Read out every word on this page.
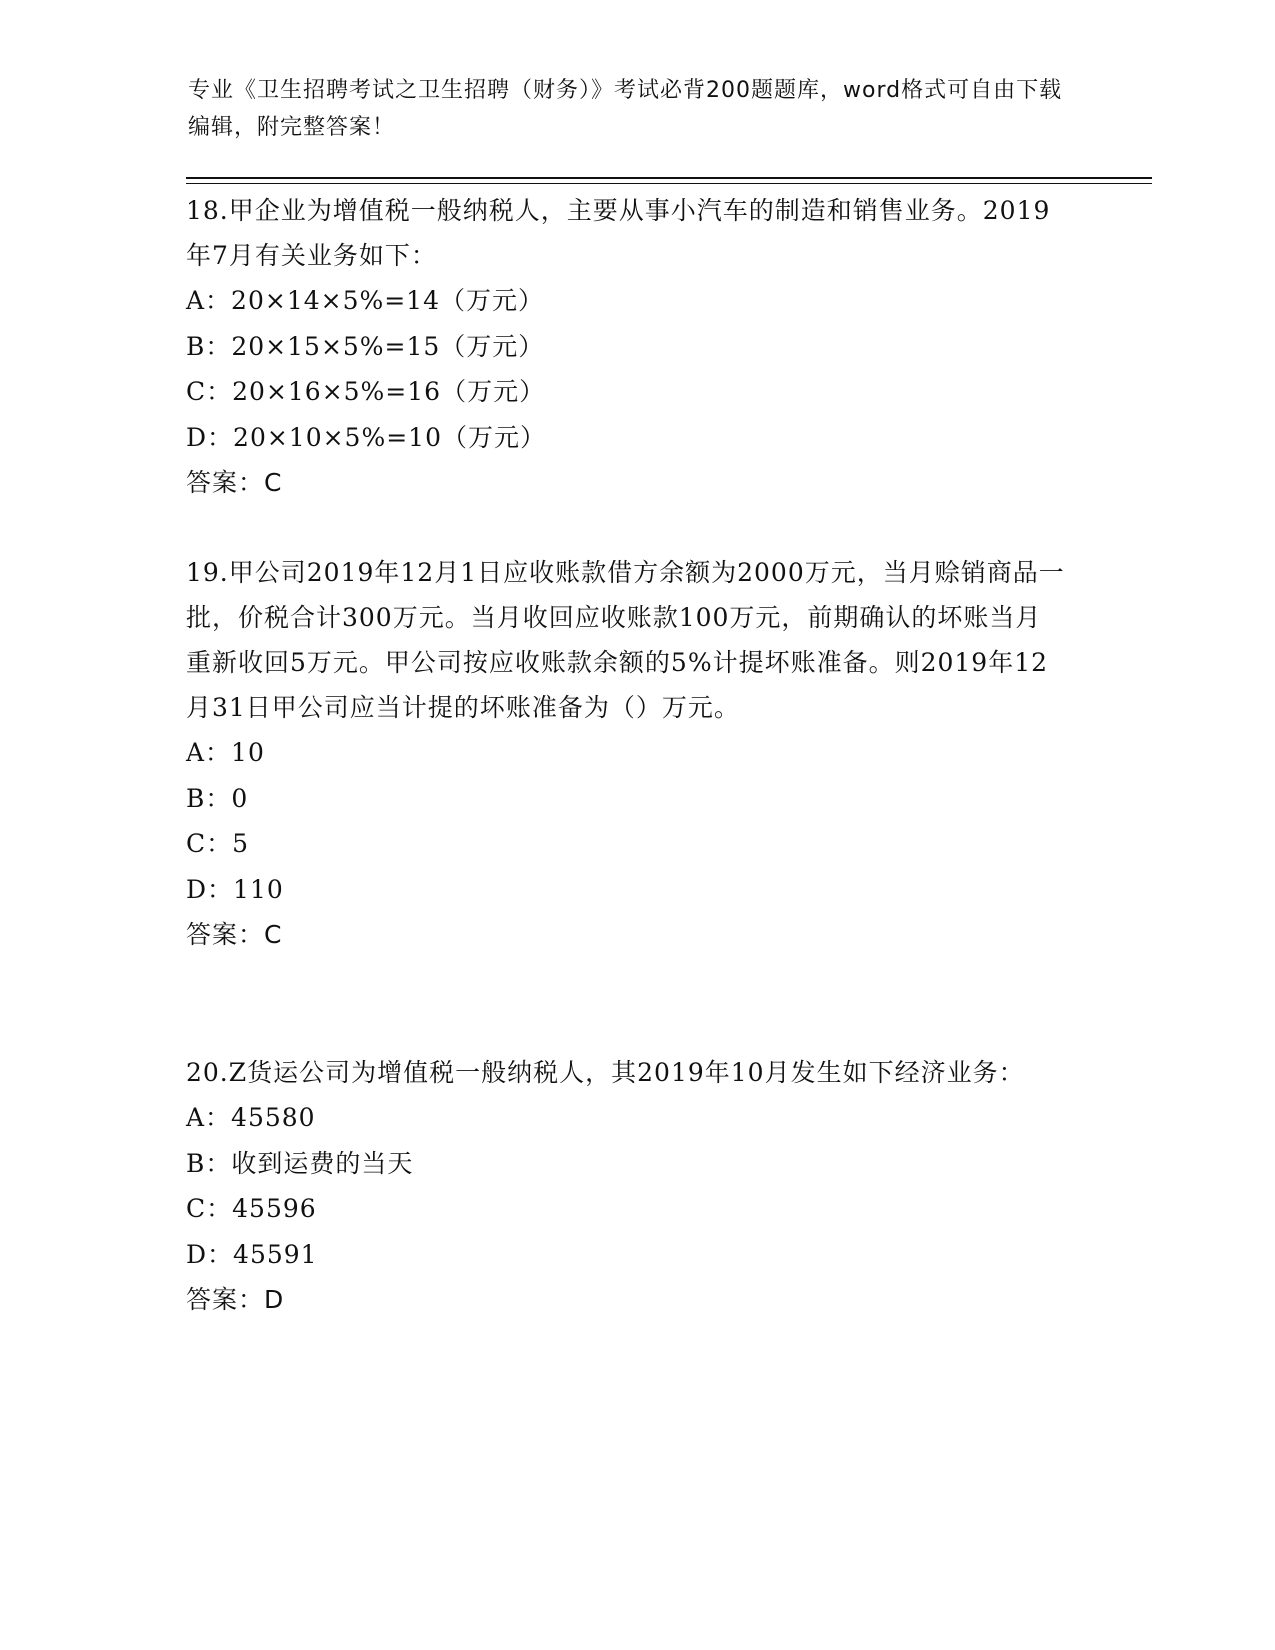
专业《卫生招聘考试之卫生招聘（财务）》考试必背200题题库，word格式可自由下载编辑，附完整答案！

18.甲企业为增值税一般纳税人，主要从事小汽车的制造和销售业务。2019年7月有关业务如下：

A：20×14×5%=14（万元）

B：20×15×5%=15（万元）

C：20×16×5%=16（万元）

D：20×10×5%=10（万元）

答案：C

19.甲公司2019年12月1日应收账款借方余额为2000万元，当月赊销商品一批，价税合计300万元。当月收回应收账款100万元，前期确认的坏账当月重新收回5万元。甲公司按应收账款余额的5%计提坏账准备。则2019年12月31日甲公司应当计提的坏账准备为（）万元。

A：10

B：0

C：5

D：110

答案：C

20.Z货运公司为增值税一般纳税人，其2019年10月发生如下经济业务：

A：45580

B：收到运费的当天

C：45596

D：45591

答案：D
